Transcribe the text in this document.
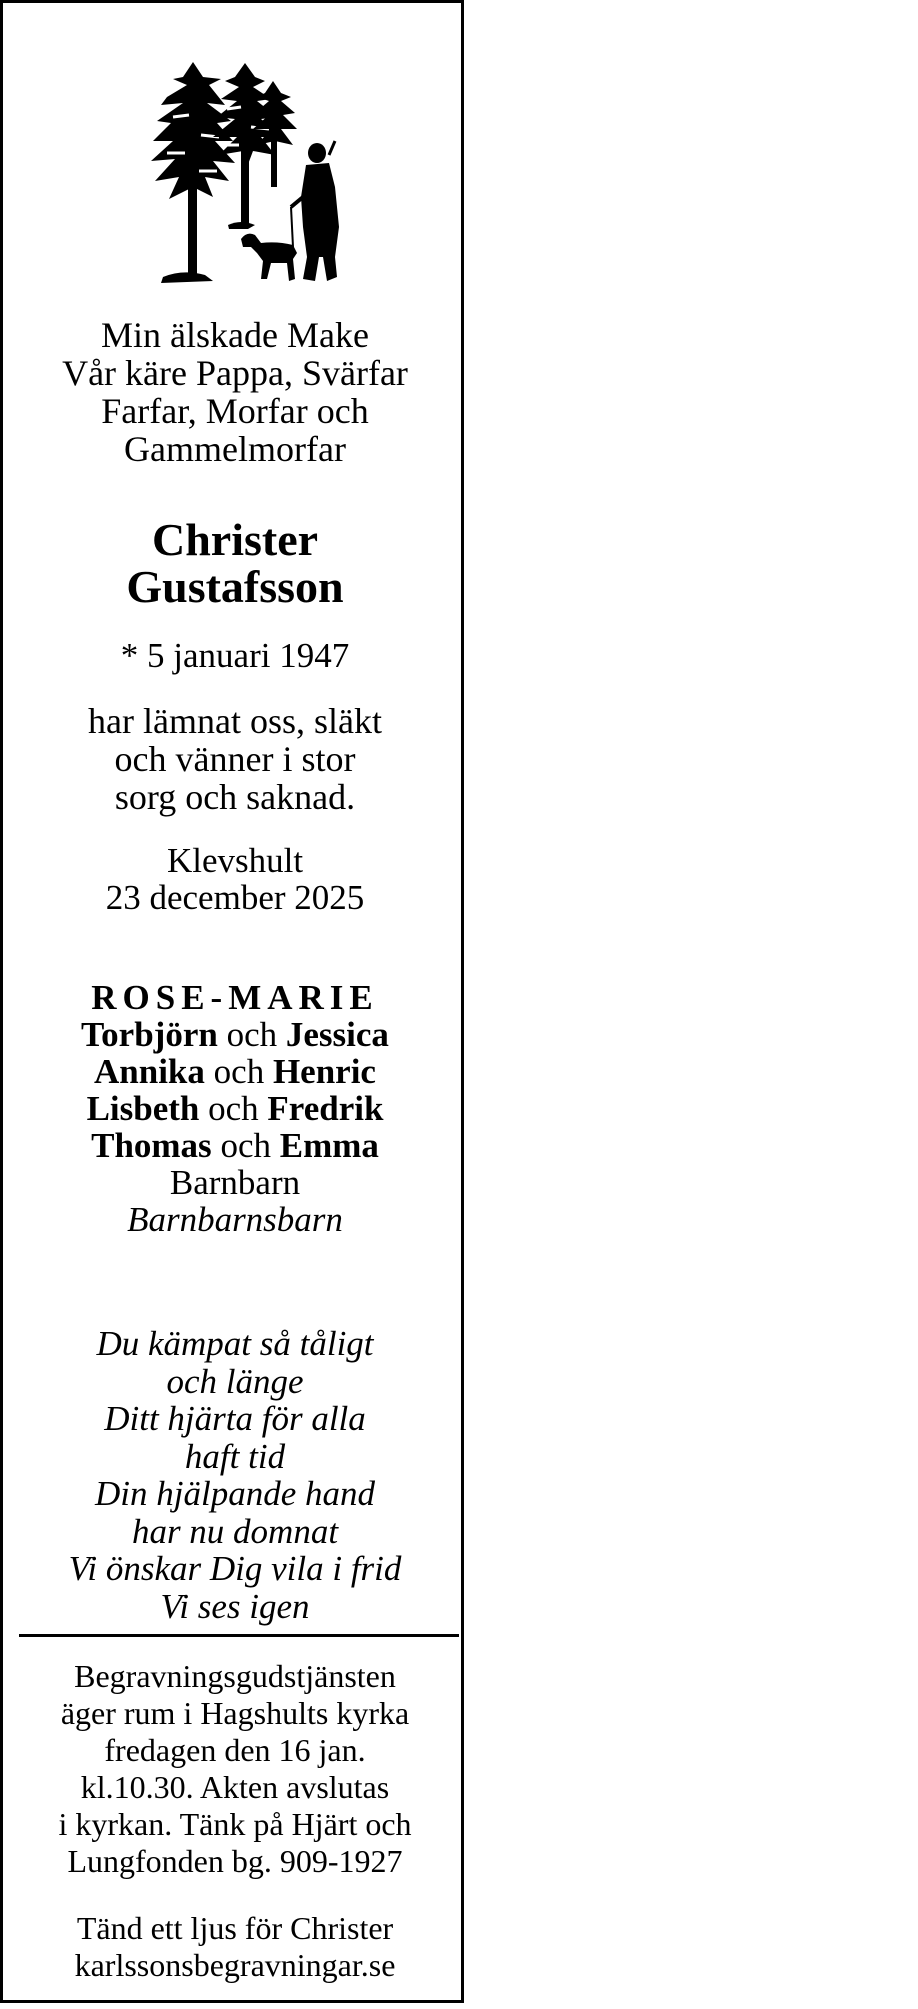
Min älskade Make
Vår käre Pappa, Svärfar
Farfar, Morfar och
Gammelmorfar
Christer
Gustafsson
* 5 januari 1947
har lämnat oss, släkt
och vänner i stor
sorg och saknad.
Klevshult
23 december 2025
ROSE-MARIE
Torbjörn och Jessica
Annika och Henric
Lisbeth och Fredrik
Thomas och Emma
Barnbarn
Barnbarnsbarn
Du kämpat så tåligt
och länge
Ditt hjärta för alla
haft tid
Din hjälpande hand
har nu domnat
Vi önskar Dig vila i frid
Vi ses igen
Begravningsgudstjänsten
äger rum i Hagshults kyrka
fredagen den 16 jan.
kl.10.30. Akten avslutas
i kyrkan. Tänk på Hjärt och
Lungfonden bg. 909-1927
Tänd ett ljus för Christer
karlssonsbegravningar.se
